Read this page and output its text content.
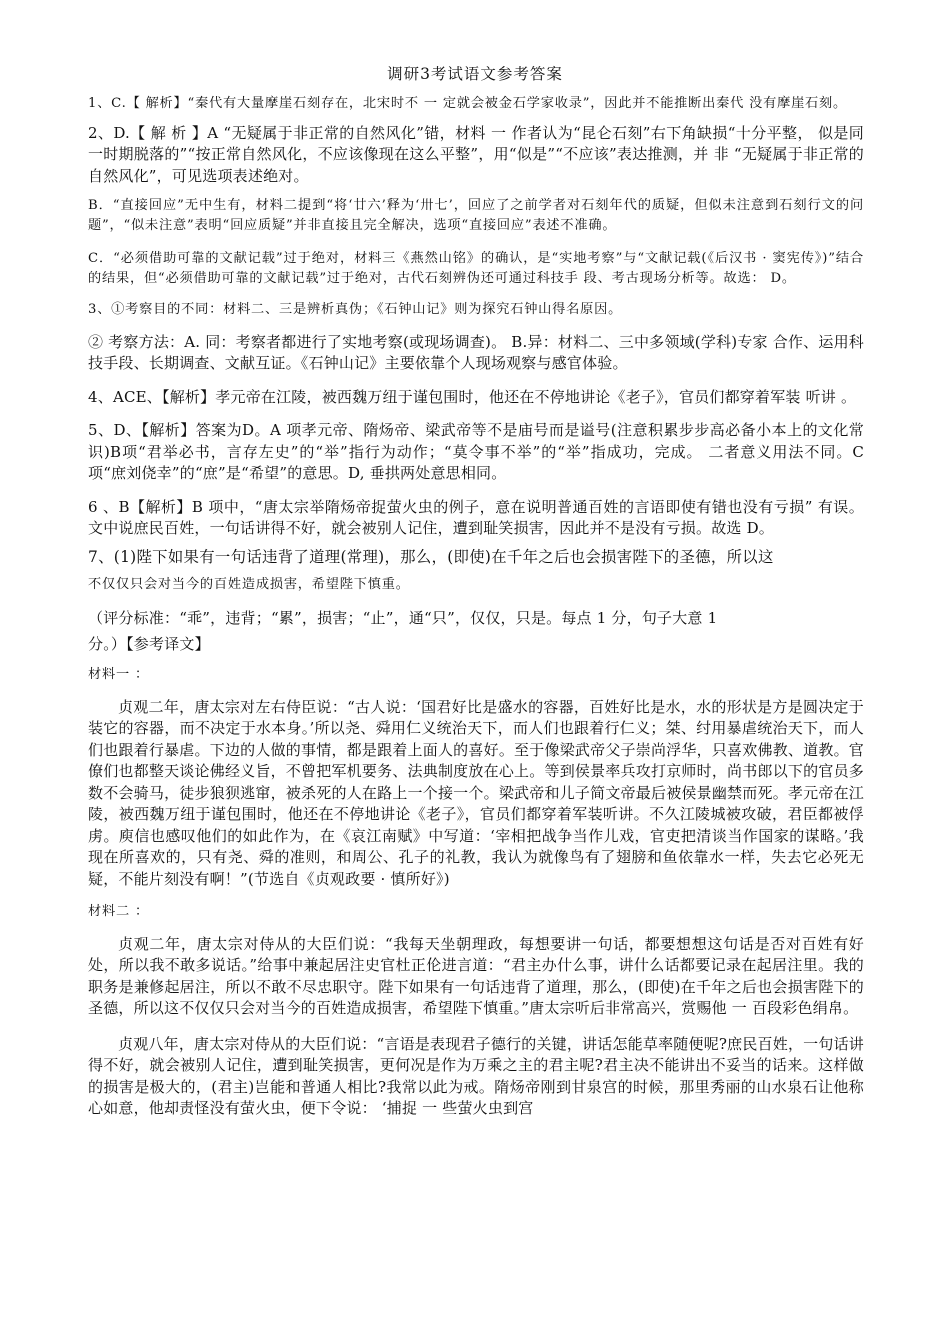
调研3考试语文参考答案

1、C.【 解析】“秦代有大量摩崖石刻存在，北宋时不 一 定就会被金石学家收录”，因此并不能推断出秦代 没有摩崖石刻。

2、D.【 解 析 】A “无疑属于非正常的自然风化”错，材料 一 作者认为“昆仑石刻”右下角缺损“十分平整， 似是同一时期脱落的”“按正常自然风化，不应该像现在这么平整”，用“似是”“不应该”表达推测，并 非 “无疑属于非正常的自然风化”，可见选项表述绝对。

B．“直接回应”无中生有，材料二提到“将‘廿六’释为‘卅七’，回应了之前学者对石刻年代的质疑，但似未注意到石刻行文的问题”，“似未注意”表明“回应质疑”并非直接且完全解决，选项“直接回应”表述不准确。

C．“必须借助可靠的文献记载”过于绝对，材料三《燕然山铭》的确认，是“实地考察”与“文献记载(《后汉书 · 窦宪传》)”结合的结果，但“必须借助可靠的文献记载”过于绝对，古代石刻辨伪还可通过科技手 段、考古现场分析等。故选： D。

3、①考察目的不同：材料二、三是辨析真伪；《石钟山记》则为探究石钟山得名原因。

② 考察方法：A. 同：考察者都进行了实地考察(或现场调查)。 B.异：材料二、三中多领域(学科)专家 合作、运用科技手段、长期调查、文献互证。《石钟山记》主要依靠个人现场观察与感官体验。

4、ACE、【解析】孝元帝在江陵，被西魏万纽于谨包围时，他还在不停地讲论《老子》，官员们都穿着军装 听讲 。

5、D、【解析】答案为D。A 项孝元帝、隋炀帝、梁武帝等不是庙号而是谥号(注意积累步步高必备小本上的文化常识)B项“君举必书，言存左史”的“举”指行为动作；“莫令事不举”的“举”指成功，完成。 二者意义用法不同。C 项“庶刘侥幸”的“庶”是“希望”的意思。D, 垂拱两处意思相同。

6 、B【解析】B 项中，“唐太宗举隋炀帝捉萤火虫的例子，意在说明普通百姓的言语即使有错也没有亏损” 有误。文中说庶民百姓，一句话讲得不好，就会被别人记住，遭到耻笑损害，因此并不是没有亏损。故选 D。

7、(1)陛下如果有一句话违背了道理(常理)，那么，(即使)在千年之后也会损害陛下的圣德，所以这

不仅仅只会对当今的百姓造成损害，希望陛下慎重。

（评分标准：“乖”，违背；“累”，损害；“止”，通“只”，仅仅，只是。每点 1 分，句子大意 1

分。）【参考译文】

材料一 ：

贞观二年，唐太宗对左右侍臣说：“古人说：‘国君好比是盛水的容器，百姓好比是水，水的形状是方是圆决定于装它的容器，而不决定于水本身。’所以尧、舜用仁义统治天下，而人们也跟着行仁义；桀、纣用暴虐统治天下，而人们也跟着行暴虐。下边的人做的事情，都是跟着上面人的喜好。至于像梁武帝父子崇尚浮华，只喜欢佛教、道教。官僚们也都整天谈论佛经义旨，不曾把军机要务、法典制度放在心上。等到侯景率兵攻打京师时，尚书郎以下的官员多数不会骑马，徒步狼狈逃窜，被杀死的人在路上一个接一个。梁武帝和儿子简文帝最后被侯景幽禁而死。孝元帝在江陵，被西魏万纽于谨包围时，他还在不停地讲论《老子》，官员们都穿着军装听讲。不久江陵城被攻破，君臣都被俘虏。庾信也感叹他们的如此作为，在《哀江南赋》中写道：‘宰相把战争当作儿戏，官吏把清谈当作国家的谋略。’我现在所喜欢的，只有尧、舜的准则，和周公、孔子的礼教，我认为就像鸟有了翅膀和鱼依靠水一样，失去它必死无疑，不能片刻没有啊！”(节选自《贞观政要 · 慎所好》)

材料二 ：

贞观二年，唐太宗对侍从的大臣们说：“我每天坐朝理政，每想要讲一句话，都要想想这句话是否对百姓有好处，所以我不敢多说话。”给事中兼起居注史官杜正伦进言道：“君主办什么事，讲什么话都要记录在起居注里。我的职务是兼修起居注，所以不敢不尽忠职守。陛下如果有一句话违背了道理，那么，(即使)在千年之后也会损害陛下的圣德，所以这不仅仅只会对当今的百姓造成损害，希望陛下慎重。”唐太宗听后非常高兴，赏赐他 一 百段彩色绢帛。

贞观八年，唐太宗对侍从的大臣们说：“言语是表现君子德行的关键，讲话怎能草率随便呢?庶民百姓，一句话讲得不好，就会被别人记住，遭到耻笑损害，更何况是作为万乘之主的君主呢?君主决不能讲出不妥当的话来。这样做的损害是极大的，(君主)岂能和普通人相比?我常以此为戒。隋炀帝刚到甘泉宫的时候，那里秀丽的山水泉石让他称心如意，他却责怪没有萤火虫，便下令说： ‘捕捉 一 些萤火虫到宫
